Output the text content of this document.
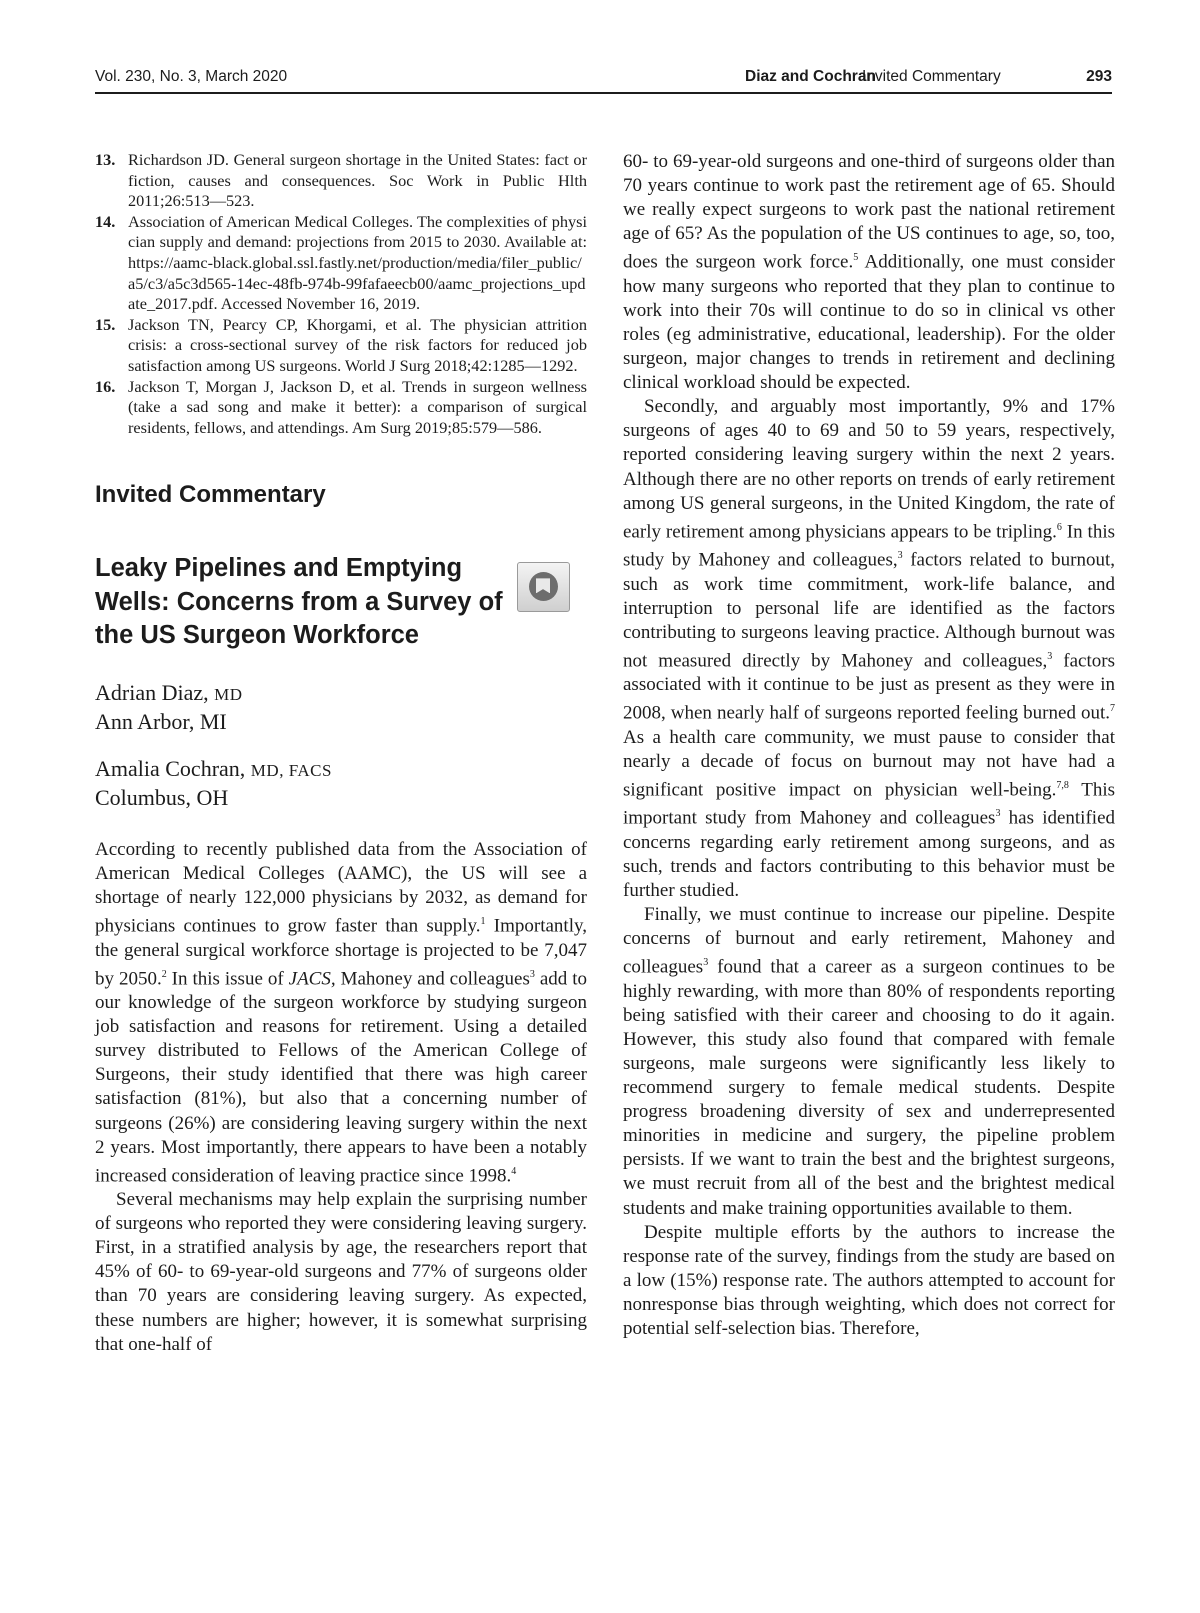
Vol. 230, No. 3, March 2020	Diaz and Cochran
Invited Commentary	293
13. Richardson JD. General surgeon shortage in the United States: fact or fiction, causes and consequences. Soc Work in Public Hlth 2011;26:513—523.
14. Association of American Medical Colleges. The complexities of physician supply and demand: projections from 2015 to 2030. Available at: https://aamc-black.global.ssl.fastly.net/production/media/filer_public/a5/c3/a5c3d565-14ec-48fb-974b-99fafaeecb00/aamc_projections_update_2017.pdf. Accessed November 16, 2019.
15. Jackson TN, Pearcy CP, Khorgami, et al. The physician attrition crisis: a cross-sectional survey of the risk factors for reduced job satisfaction among US surgeons. World J Surg 2018;42:1285—1292.
16. Jackson T, Morgan J, Jackson D, et al. Trends in surgeon wellness (take a sad song and make it better): a comparison of surgical residents, fellows, and attendings. Am Surg 2019;85:579—586.
Invited Commentary
Leaky Pipelines and Emptying Wells: Concerns from a Survey of the US Surgeon Workforce
Adrian Diaz, MD
Ann Arbor, MI
Amalia Cochran, MD, FACS
Columbus, OH

According to recently published data from the Association of American Medical Colleges (AAMC), the US will see a shortage of nearly 122,000 physicians by 2032, as demand for physicians continues to grow faster than supply.$^1$ Importantly, the general surgical workforce shortage is projected to be 7,047 by 2050.$^2$ In this issue of JACS, Mahoney and colleagues$^3$ add to our knowledge of the surgeon workforce by studying surgeon job satisfaction and reasons for retirement. Using a detailed survey distributed to Fellows of the American College of Surgeons, their study identified that there was high career satisfaction (81%), but also that a concerning number of surgeons (26%) are considering leaving surgery within the next 2 years. Most importantly, there appears to have been a notably increased consideration of leaving practice since 1998.$^4$

Several mechanisms may help explain the surprising number of surgeons who reported they were considering leaving surgery. First, in a stratified analysis by age, the researchers report that 45% of 60- to 69-year-old surgeons and 77% of surgeons older than 70 years are considering leaving surgery. As expected, these numbers are higher; however, it is somewhat surprising that one-half of

60- to 69-year-old surgeons and one-third of surgeons older than 70 years continue to work past the retirement age of 65. Should we really expect surgeons to work past the national retirement age of 65? As the population of the US continues to age, so, too, does the surgeon work force.$^5$ Additionally, one must consider how many surgeons who reported that they plan to continue to work into their 70s will continue to do so in clinical vs other roles (eg administrative, educational, leadership). For the older surgeon, major changes to trends in retirement and declining clinical workload should be expected.

Secondly, and arguably most importantly, 9% and 17% surgeons of ages 40 to 69 and 50 to 59 years, respectively, reported considering leaving surgery within the next 2 years. Although there are no other reports on trends of early retirement among US general surgeons, in the United Kingdom, the rate of early retirement among physicians appears to be tripling.$^6$ In this study by Mahoney and colleagues,$^3$ factors related to burnout, such as work time commitment, work-life balance, and interruption to personal life are identified as the factors contributing to surgeons leaving practice. Although burnout was not measured directly by Mahoney and colleagues,$^3$ factors associated with it continue to be just as present as they were in 2008, when nearly half of surgeons reported feeling burned out.$^7$ As a health care community, we must pause to consider that nearly a decade of focus on burnout may not have had a significant positive impact on physician well-being.$^{7,8}$ This important study from Mahoney and colleagues$^3$ has identified concerns regarding early retirement among surgeons, and as such, trends and factors contributing to this behavior must be further studied.

Finally, we must continue to increase our pipeline. Despite concerns of burnout and early retirement, Mahoney and colleagues$^3$ found that a career as a surgeon continues to be highly rewarding, with more than 80% of respondents reporting being satisfied with their career and choosing to do it again. However, this study also found that compared with female surgeons, male surgeons were significantly less likely to recommend surgery to female medical students. Despite progress broadening diversity of sex and underrepresented minorities in medicine and surgery, the pipeline problem persists. If we want to train the best and the brightest surgeons, we must recruit from all of the best and the brightest medical students and make training opportunities available to them.

Despite multiple efforts by the authors to increase the response rate of the survey, findings from the study are based on a low (15%) response rate. The authors attempted to account for nonresponse bias through weighting, which does not correct for potential self-selection bias. Therefore,
